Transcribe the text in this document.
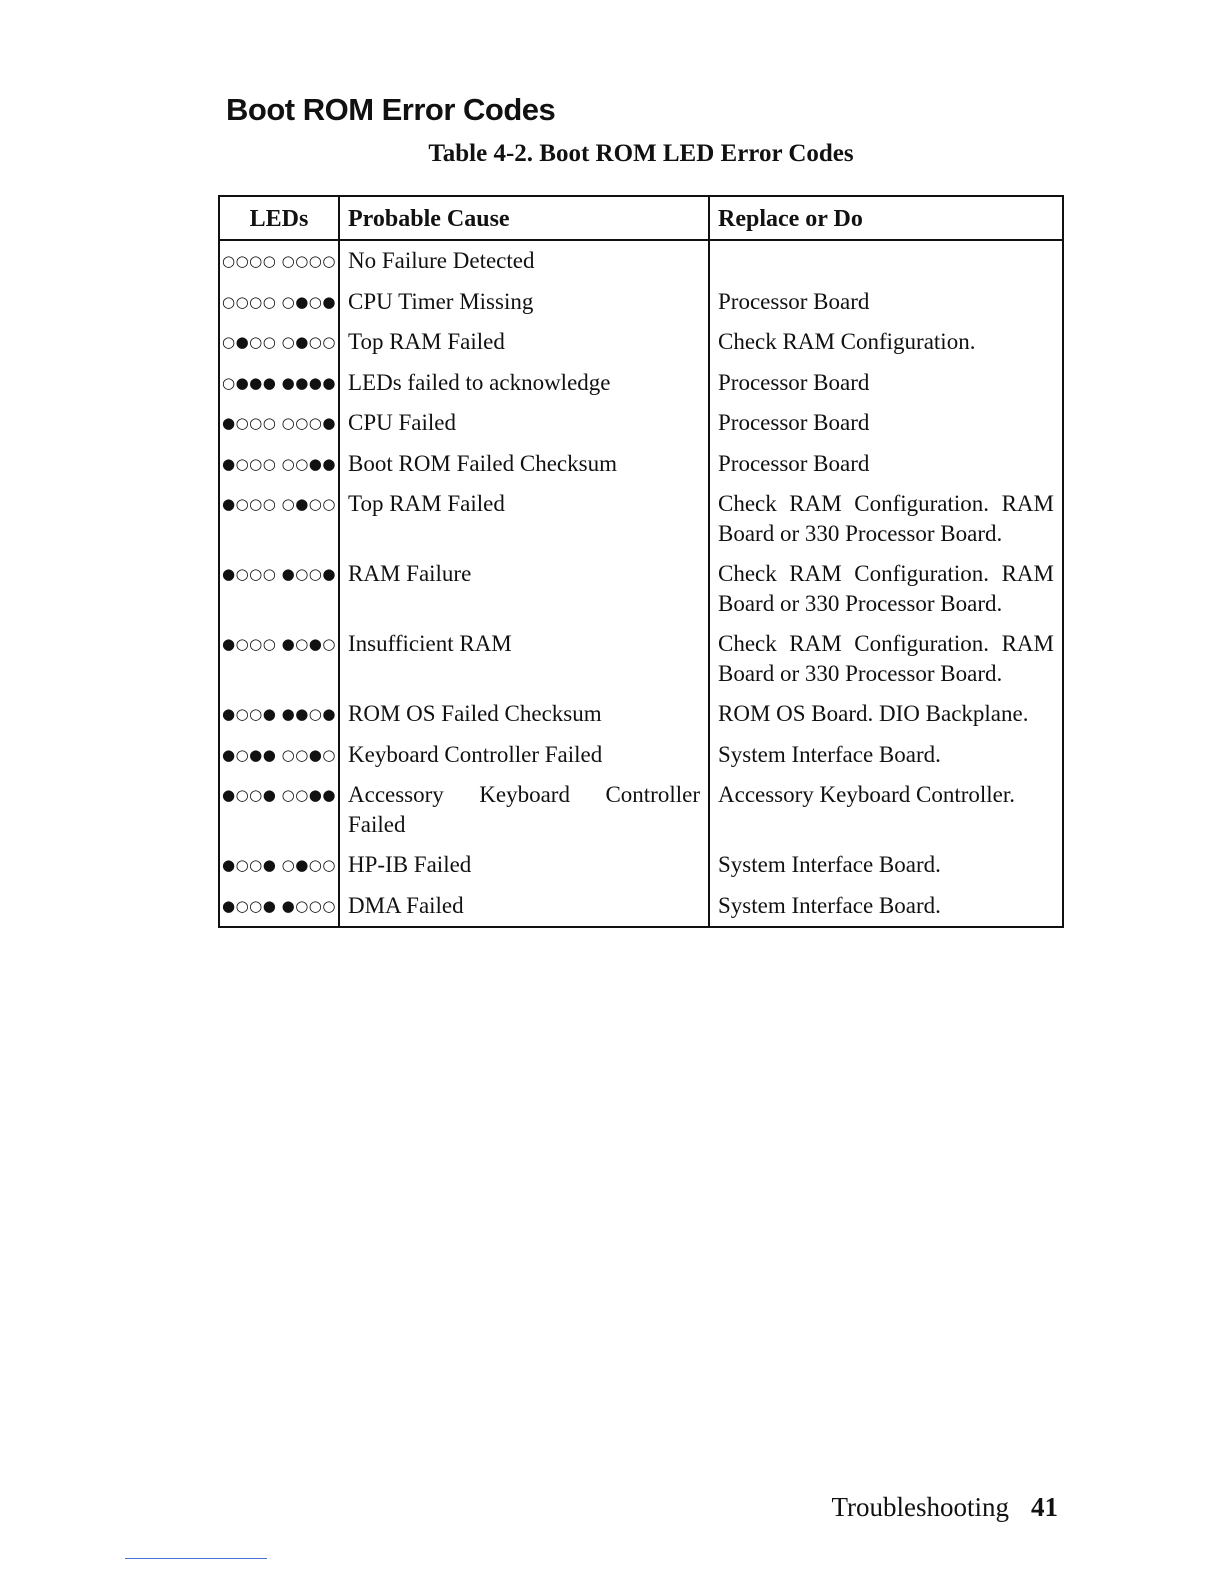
Boot ROM Error Codes
Table 4-2. Boot ROM LED Error Codes
LEDs	Probable Cause	Replace or Do
○○○○ ○○○○	No Failure Detected	
○○○○ ○●○●	CPU Timer Missing	Processor Board
○●○○ ○●○○	Top RAM Failed	Check RAM Configuration.
○●●● ●●●●	LEDs failed to acknowledge	Processor Board
●○○○ ○○○●	CPU Failed	Processor Board
●○○○ ○○●●	Boot ROM Failed Checksum	Processor Board
●○○○ ○●○○	Top RAM Failed	Check RAM Configuration. RAM Board or 330 Processor Board.
●○○○ ●○○●	RAM Failure	Check RAM Configuration. RAM Board or 330 Processor Board.
●○○○ ●○●○	Insufficient RAM	Check RAM Configuration. RAM Board or 330 Processor Board.
●○○● ●●○●	ROM OS Failed Checksum	ROM OS Board. DIO Backplane.
●○●● ○○●○	Keyboard Controller Failed	System Interface Board.
●○○● ○○●●	Accessory Keyboard Controller Failed	Accessory Keyboard Controller.
●○○● ○●○○	HP-IB Failed	System Interface Board.
●○○● ●○○○	DMA Failed	System Interface Board.
Troubleshooting 41
